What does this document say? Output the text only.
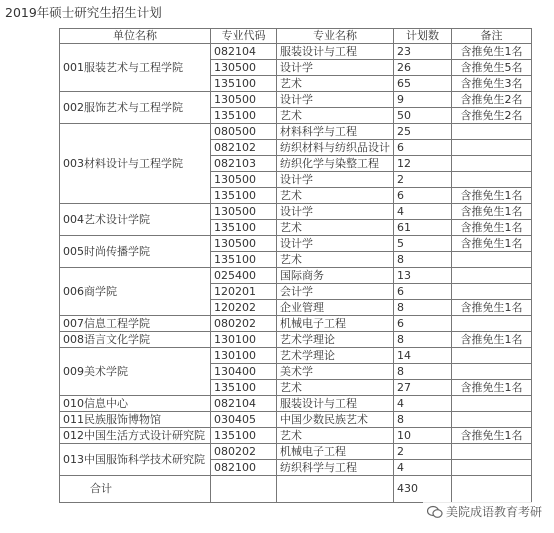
2019年硕士研究生招生计划
单位名称	专业代码	专业名称	计划数	备注
001服装艺术与工程学院	082104	服装设计与工程	23	含推免生1名
	130500	设计学	26	含推免生5名
	135100	艺术	65	含推免生3名
002服饰艺术与工程学院	130500	设计学	9	含推免生2名
	135100	艺术	50	含推免生2名
003材料设计与工程学院	080500	材料科学与工程	25	
	082102	纺织材料与纺织品设计	6	
	082103	纺织化学与染整工程	12	
	130500	设计学	2	
	135100	艺术	6	含推免生1名
004艺术设计学院	130500	设计学	4	含推免生1名
	135100	艺术	61	含推免生1名
005时尚传播学院	130500	设计学	5	含推免生1名
	135100	艺术	8	
006商学院	025400	国际商务	13	
	120201	会计学	6	
	120202	企业管理	8	含推免生1名
007信息工程学院	080202	机械电子工程	6	
008语言文化学院	130100	艺术学理论	8	含推免生1名
009美术学院	130100	艺术学理论	14	
	130400	美术学	8	
	135100	艺术	27	含推免生1名
010信息中心	082104	服装设计与工程	4	
011民族服饰博物馆	030405	中国少数民族艺术	8	
012中国生活方式设计研究院	135100	艺术	10	含推免生1名
013中国服饰科学技术研究院	080202	机械电子工程	2	
	082100	纺织科学与工程	4	
合计			430	
美院成语教育考研
